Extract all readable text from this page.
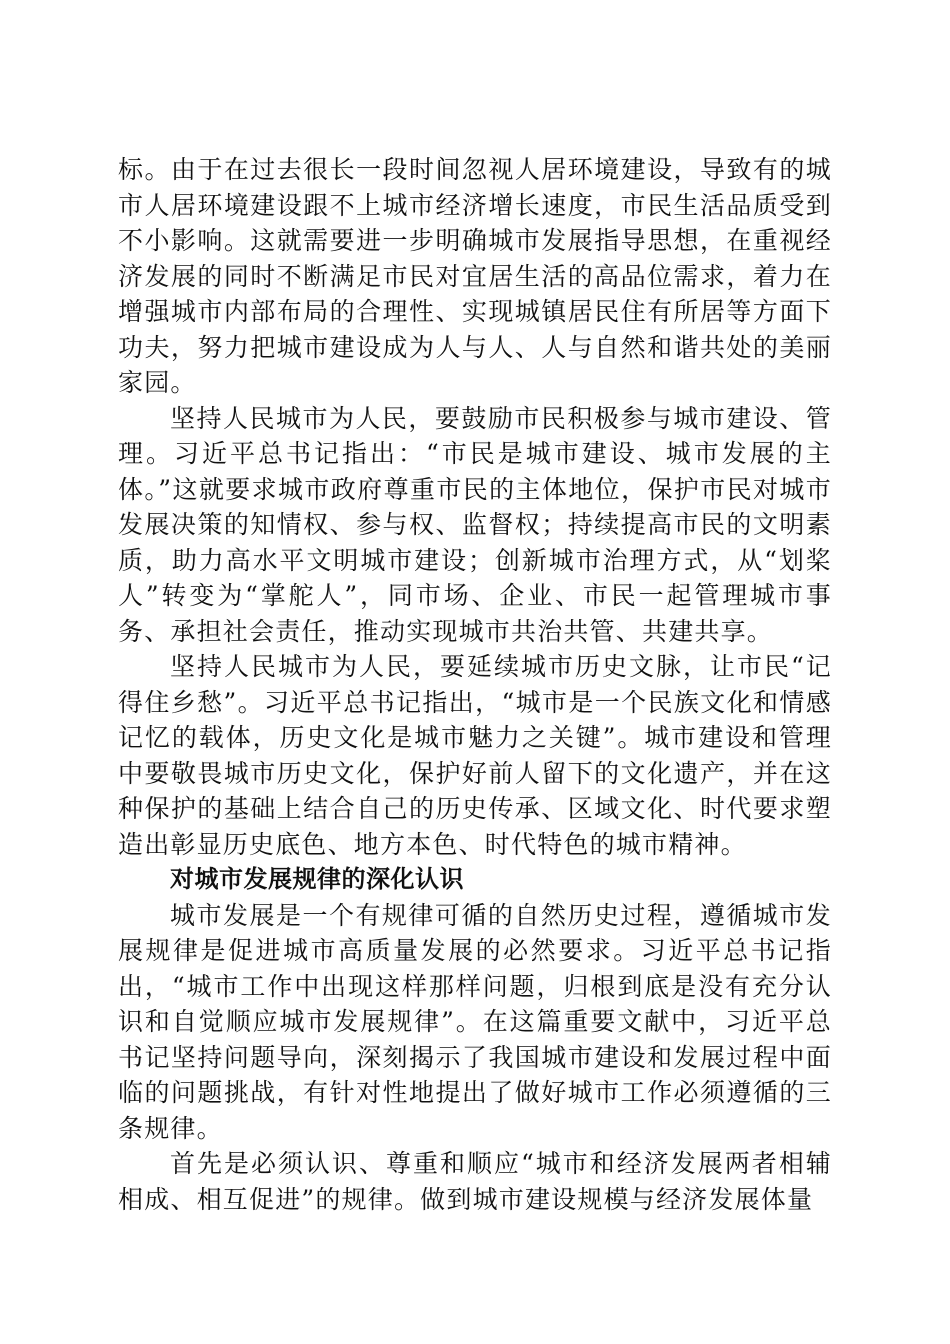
标。由于在过去很长一段时间忽视人居环境建设，导致有的城市人居环境建设跟不上城市经济增长速度，市民生活品质受到不小影响。这就需要进一步明确城市发展指导思想，在重视经济发展的同时不断满足市民对宜居生活的高品位需求，着力在增强城市内部布局的合理性、实现城镇居民住有所居等方面下功夫，努力把城市建设成为人与人、人与自然和谐共处的美丽家园。

坚持人民城市为人民，要鼓励市民积极参与城市建设、管理。习近平总书记指出：“市民是城市建设、城市发展的主体。”这就要求城市政府尊重市民的主体地位，保护市民对城市发展决策的知情权、参与权、监督权；持续提高市民的文明素质，助力高水平文明城市建设；创新城市治理方式，从“划桨人”转变为“掌舵人”，同市场、企业、市民一起管理城市事务、承担社会责任，推动实现城市共治共管、共建共享。

坚持人民城市为人民，要延续城市历史文脉，让市民“记得住乡愁”。习近平总书记指出，“城市是一个民族文化和情感记忆的载体，历史文化是城市魅力之关键”。城市建设和管理中要敬畏城市历史文化，保护好前人留下的文化遗产，并在这种保护的基础上结合自己的历史传承、区域文化、时代要求塑造出彰显历史底色、地方本色、时代特色的城市精神。

对城市发展规律的深化认识

城市发展是一个有规律可循的自然历史过程，遵循城市发展规律是促进城市高质量发展的必然要求。习近平总书记指出，“城市工作中出现这样那样问题，归根到底是没有充分认识和自觉顺应城市发展规律”。在这篇重要文献中，习近平总书记坚持问题导向，深刻揭示了我国城市建设和发展过程中面临的问题挑战，有针对性地提出了做好城市工作必须遵循的三条规律。

首先是必须认识、尊重和顺应“城市和经济发展两者相辅相成、相互促进”的规律。做到城市建设规模与经济发展体量
